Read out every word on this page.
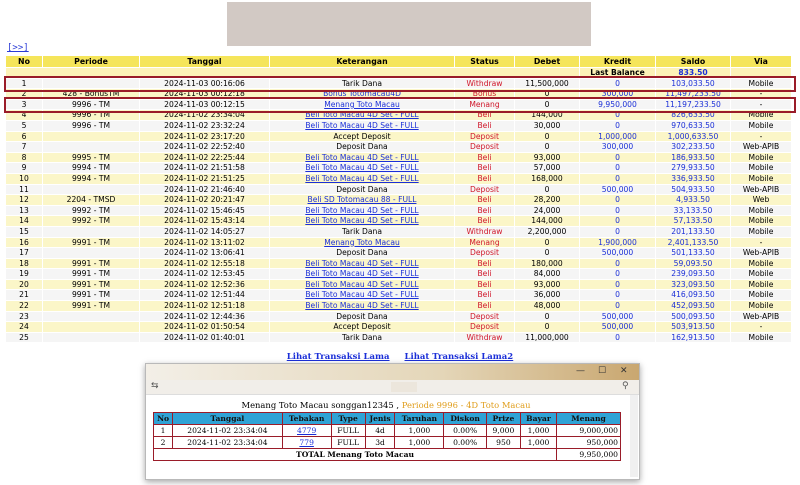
[>>]
No	Periode	Tanggal	Keterangan	Status	Debet	Kredit	Saldo	Via
						Last Balance	833.50	
1		2024-11-03 00:16:06	Tarik Dana	Withdraw	11,500,000	0	103,033.50	Mobile
2	428 - BonusTM	2024-11-03 00:12:18	Bonus Totomacau4D	Bonus	0	300,000	11,497,233.50	-
3	9996 - TM	2024-11-03 00:12:15	Menang Toto Macau	Menang	0	9,950,000	11,197,233.50	-
4	9996 - TM	2024-11-02 23:34:04	Beli Toto Macau 4D Set - FULL	Beli	144,000	0	826,633.50	Mobile
5	9996 - TM	2024-11-02 23:32:24	Beli Toto Macau 4D Set - FULL	Beli	30,000	0	970,633.50	Mobile
6		2024-11-02 23:17:20	Accept Deposit	Deposit	0	1,000,000	1,000,633.50	-
7		2024-11-02 22:52:40	Deposit Dana	Deposit	0	300,000	302,233.50	Web-APIB
8	9995 - TM	2024-11-02 22:25:44	Beli Toto Macau 4D Set - FULL	Beli	93,000	0	186,933.50	Mobile
9	9994 - TM	2024-11-02 21:51:58	Beli Toto Macau 4D Set - FULL	Beli	57,000	0	279,933.50	Mobile
10	9994 - TM	2024-11-02 21:51:25	Beli Toto Macau 4D Set - FULL	Beli	168,000	0	336,933.50	Mobile
11		2024-11-02 21:46:40	Deposit Dana	Deposit	0	500,000	504,933.50	Web-APIB
12	2204 - TMSD	2024-11-02 20:21:47	Beli SD Totomacau 88 - FULL	Beli	28,200	0	4,933.50	Web
13	9992 - TM	2024-11-02 15:46:45	Beli Toto Macau 4D Set - FULL	Beli	24,000	0	33,133.50	Mobile
14	9992 - TM	2024-11-02 15:43:14	Beli Toto Macau 4D Set - FULL	Beli	144,000	0	57,133.50	Mobile
15		2024-11-02 14:05:27	Tarik Dana	Withdraw	2,200,000	0	201,133.50	Mobile
16	9991 - TM	2024-11-02 13:11:02	Menang Toto Macau	Menang	0	1,900,000	2,401,133.50	-
17		2024-11-02 13:06:41	Deposit Dana	Deposit	0	500,000	501,133.50	Web-APIB
18	9991 - TM	2024-11-02 12:55:18	Beli Toto Macau 4D Set - FULL	Beli	180,000	0	59,093.50	Mobile
19	9991 - TM	2024-11-02 12:53:45	Beli Toto Macau 4D Set - FULL	Beli	84,000	0	239,093.50	Mobile
20	9991 - TM	2024-11-02 12:52:36	Beli Toto Macau 4D Set - FULL	Beli	93,000	0	323,093.50	Mobile
21	9991 - TM	2024-11-02 12:51:44	Beli Toto Macau 4D Set - FULL	Beli	36,000	0	416,093.50	Mobile
22	9991 - TM	2024-11-02 12:51:18	Beli Toto Macau 4D Set - FULL	Beli	48,000	0	452,093.50	Mobile
23		2024-11-02 12:44:36	Deposit Dana	Deposit	0	500,000	500,093.50	Web-APIB
24		2024-11-02 01:50:54	Accept Deposit	Deposit	0	500,000	503,913.50	-
25		2024-11-02 01:40:01	Tarik Dana	Withdraw	11,000,000	0	162,913.50	Mobile
Lihat Transaksi Lama Lihat Transaksi Lama2
— ☐ ✕
⇆	⚲
Menang Toto Macau songgan12345 , Periode 9996 - 4D Toto Macau
No	Tanggal	Tebakan	Type	Jenis	Taruhan	Diskon	Prize	Bayar	Menang
1	2024-11-02 23:34:04	4779	FULL	4d	1,000	0.00%	9,000	1,000	9,000,000
2	2024-11-02 23:34:04	779	FULL	3d	1,000	0.00%	950	1,000	950,000
TOTAL Menang Toto Macau									9,950,000
